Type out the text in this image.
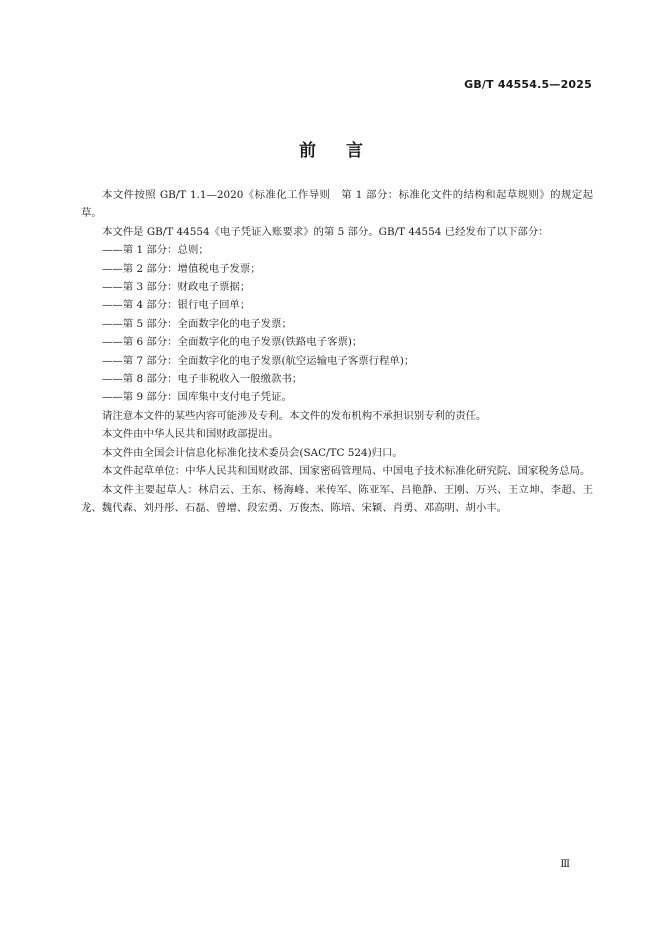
GB/T 44554.5—2025
前言

本文件按照 GB/T 1.1—2020《标准化工作导则　第 1 部分：标准化文件的结构和起草规则》的规定起草。

本文件是 GB/T 44554《电子凭证入账要求》的第 5 部分。GB/T 44554 已经发布了以下部分：

——第 1 部分：总则；

——第 2 部分：增值税电子发票；

——第 3 部分：财政电子票据；

——第 4 部分：银行电子回单；

——第 5 部分：全面数字化的电子发票；

——第 6 部分：全面数字化的电子发票(铁路电子客票)；

——第 7 部分：全面数字化的电子发票(航空运输电子客票行程单)；

——第 8 部分：电子非税收入一般缴款书；

——第 9 部分：国库集中支付电子凭证。

请注意本文件的某些内容可能涉及专利。本文件的发布机构不承担识别专利的责任。

本文件由中华人民共和国财政部提出。

本文件由全国会计信息化标准化技术委员会(SAC/TC 524)归口。

本文件起草单位：中华人民共和国财政部、国家密码管理局、中国电子技术标准化研究院、国家税务总局。

本文件主要起草人：林启云、王东、杨海峰、米传军、陈亚军、吕艳静、王刚、万兴、王立坤、李超、王龙、魏代森、刘丹彤、石磊、曾增、段宏勇、万俊杰、陈培、宋颖、肖勇、邓高明、胡小丰。

Ⅲ
